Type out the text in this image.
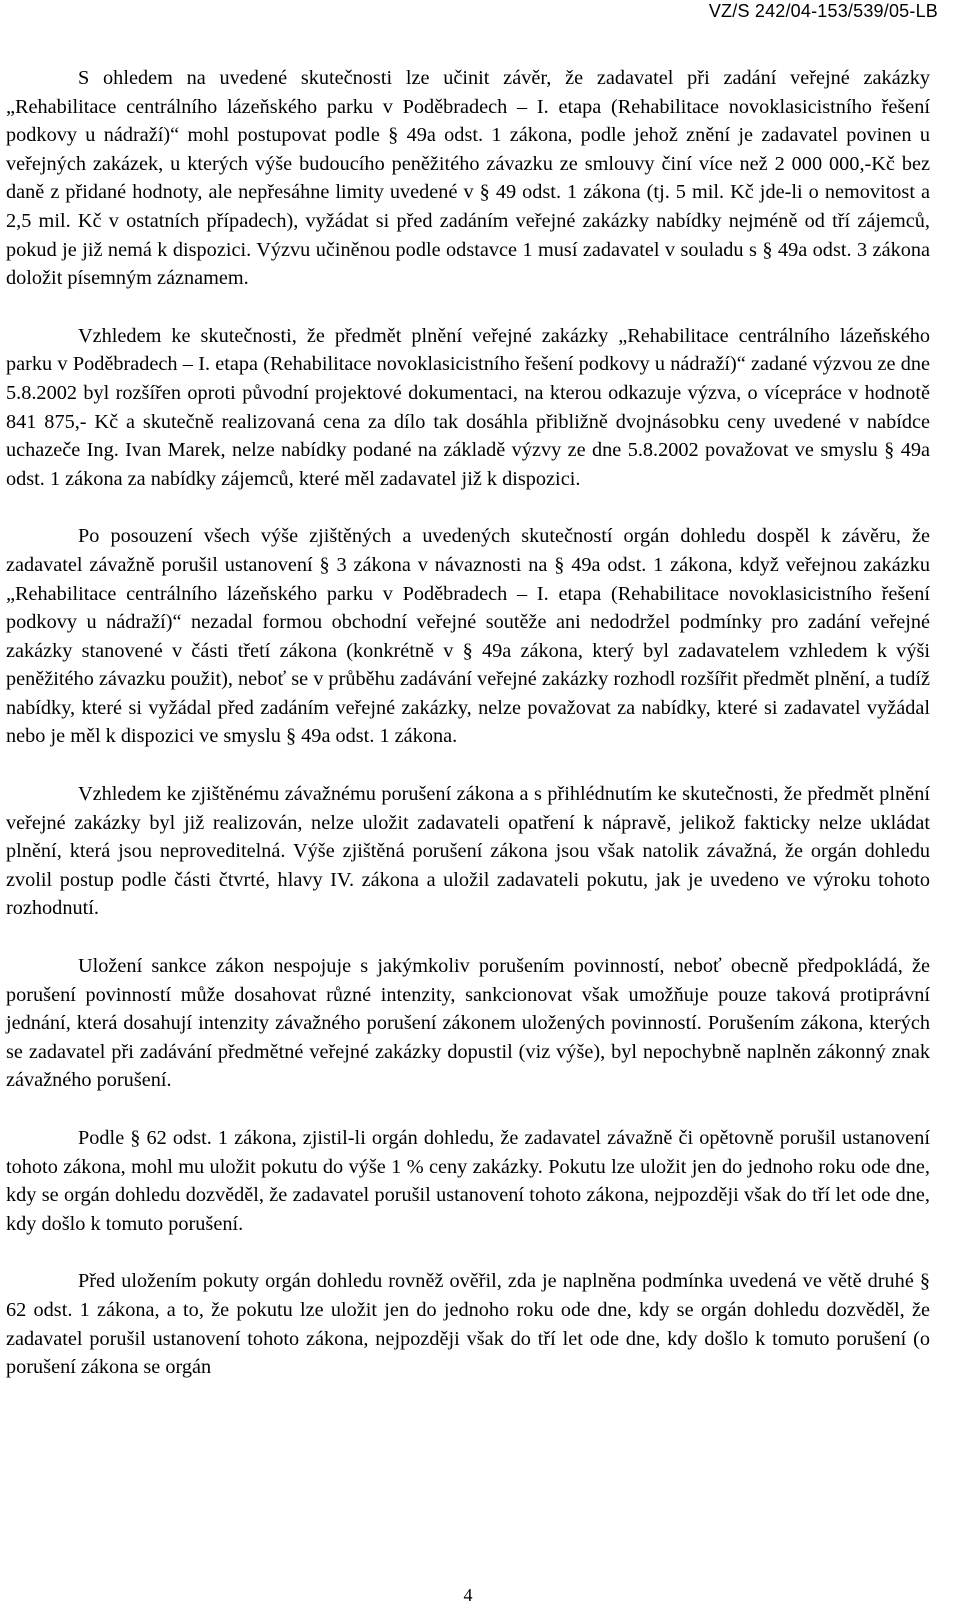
VZ/S 242/04-153/539/05-LB

S ohledem na uvedené skutečnosti lze učinit závěr, že zadavatel při zadání veřejné zakázky „Rehabilitace centrálního lázeňského parku v Poděbradech – I. etapa (Rehabilitace novoklasicistního řešení podkovy u nádraží)“ mohl postupovat podle § 49a odst. 1 zákona, podle jehož znění je zadavatel povinen u veřejných zakázek, u kterých výše budoucího peněžitého závazku ze smlouvy činí více než 2 000 000,-Kč bez daně z přidané hodnoty, ale nepřesáhne limity uvedené v § 49 odst. 1 zákona (tj. 5 mil. Kč jde-li o nemovitost a 2,5 mil. Kč v ostatních případech), vyžádat si před zadáním veřejné zakázky nabídky nejméně od tří zájemců, pokud je již nemá k dispozici. Výzvu učiněnou podle odstavce 1 musí zadavatel v souladu s § 49a odst. 3 zákona doložit písemným záznamem.

Vzhledem ke skutečnosti, že předmět plnění veřejné zakázky „Rehabilitace centrálního lázeňského parku v Poděbradech – I. etapa (Rehabilitace novoklasicistního řešení podkovy u nádraží)“ zadané výzvou ze dne 5.8.2002 byl rozšířen oproti původní projektové dokumentaci, na kterou odkazuje výzva, o vícepráce v hodnotě 841 875,- Kč a skutečně realizovaná cena za dílo tak dosáhla přibližně dvojnásobku ceny uvedené v nabídce uchazeče Ing. Ivan Marek, nelze nabídky podané na základě výzvy ze dne 5.8.2002 považovat ve smyslu § 49a odst. 1 zákona za nabídky zájemců, které měl zadavatel již k dispozici.

Po posouzení všech výše zjištěných a uvedených skutečností orgán dohledu dospěl k závěru, že zadavatel závažně porušil ustanovení § 3 zákona v návaznosti na § 49a odst. 1 zákona, když veřejnou zakázku „Rehabilitace centrálního lázeňského parku v Poděbradech – I. etapa (Rehabilitace novoklasicistního řešení podkovy u nádraží)“ nezadal formou obchodní veřejné soutěže ani nedodržel podmínky pro zadání veřejné zakázky stanovené v části třetí zákona (konkrétně v § 49a zákona, který byl zadavatelem vzhledem k výši peněžitého závazku použit), neboť se v průběhu zadávání veřejné zakázky rozhodl rozšířit předmět plnění, a tudíž nabídky, které si vyžádal před zadáním veřejné zakázky, nelze považovat za nabídky, které si zadavatel vyžádal nebo je měl k dispozici ve smyslu § 49a odst. 1 zákona.

Vzhledem ke zjištěnému závažnému porušení zákona a s přihlédnutím ke skutečnosti, že předmět plnění veřejné zakázky byl již realizován, nelze uložit zadavateli opatření k nápravě, jelikož fakticky nelze ukládat plnění, která jsou neproveditelná. Výše zjištěná porušení zákona jsou však natolik závažná, že orgán dohledu zvolil postup podle části čtvrté, hlavy IV. zákona a uložil zadavateli pokutu, jak je uvedeno ve výroku tohoto rozhodnutí.

Uložení sankce zákon nespojuje s jakýmkoliv porušením povinností, neboť obecně předpokládá, že porušení povinností může dosahovat různé intenzity, sankcionovat však umožňuje pouze taková protiprávní jednání, která dosahují intenzity závažného porušení zákonem uložených povinností. Porušením zákona, kterých se zadavatel při zadávání předmětné veřejné zakázky dopustil (viz výše), byl nepochybně naplněn zákonný znak závažného porušení.

Podle § 62 odst. 1 zákona, zjistil-li orgán dohledu, že zadavatel závažně či opětovně porušil ustanovení tohoto zákona, mohl mu uložit pokutu do výše 1 % ceny zakázky. Pokutu lze uložit jen do jednoho roku ode dne, kdy se orgán dohledu dozvěděl, že zadavatel porušil ustanovení tohoto zákona, nejpozději však do tří let ode dne, kdy došlo k tomuto porušení.

Před uložením pokuty orgán dohledu rovněž ověřil, zda je naplněna podmínka uvedená ve větě druhé § 62 odst. 1 zákona, a to, že pokutu lze uložit jen do jednoho roku ode dne, kdy se orgán dohledu dozvěděl, že zadavatel porušil ustanovení tohoto zákona, nejpozději však do tří let ode dne, kdy došlo k tomuto porušení (o porušení zákona se orgán

4
